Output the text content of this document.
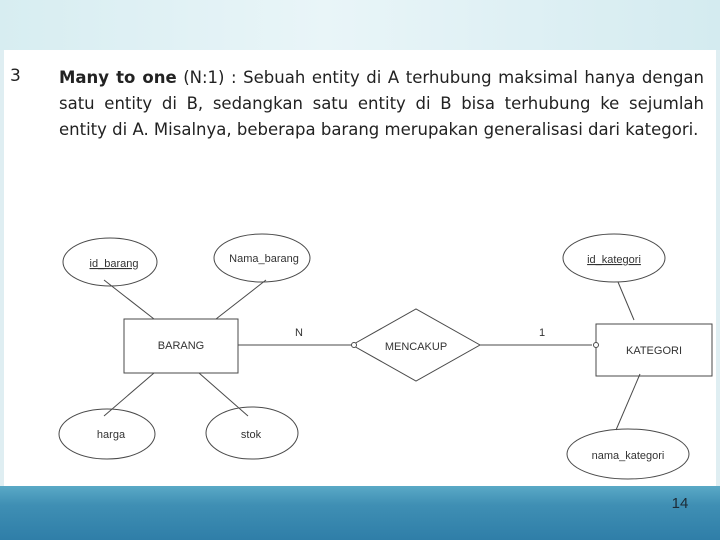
3 Many to one (N:1) : Sebuah entity di A terhubung maksimal hanya dengan satu entity di B, sedangkan satu entity di B bisa terhubung ke sejumlah entity di A. Misalnya, beberapa barang merupakan generalisasi dari kategori.
BARANG	KATEGORI
MENCAKUP
N	1
id_barang	Nama_barang
harga	stok
id_kategori
nama_kategori
14
